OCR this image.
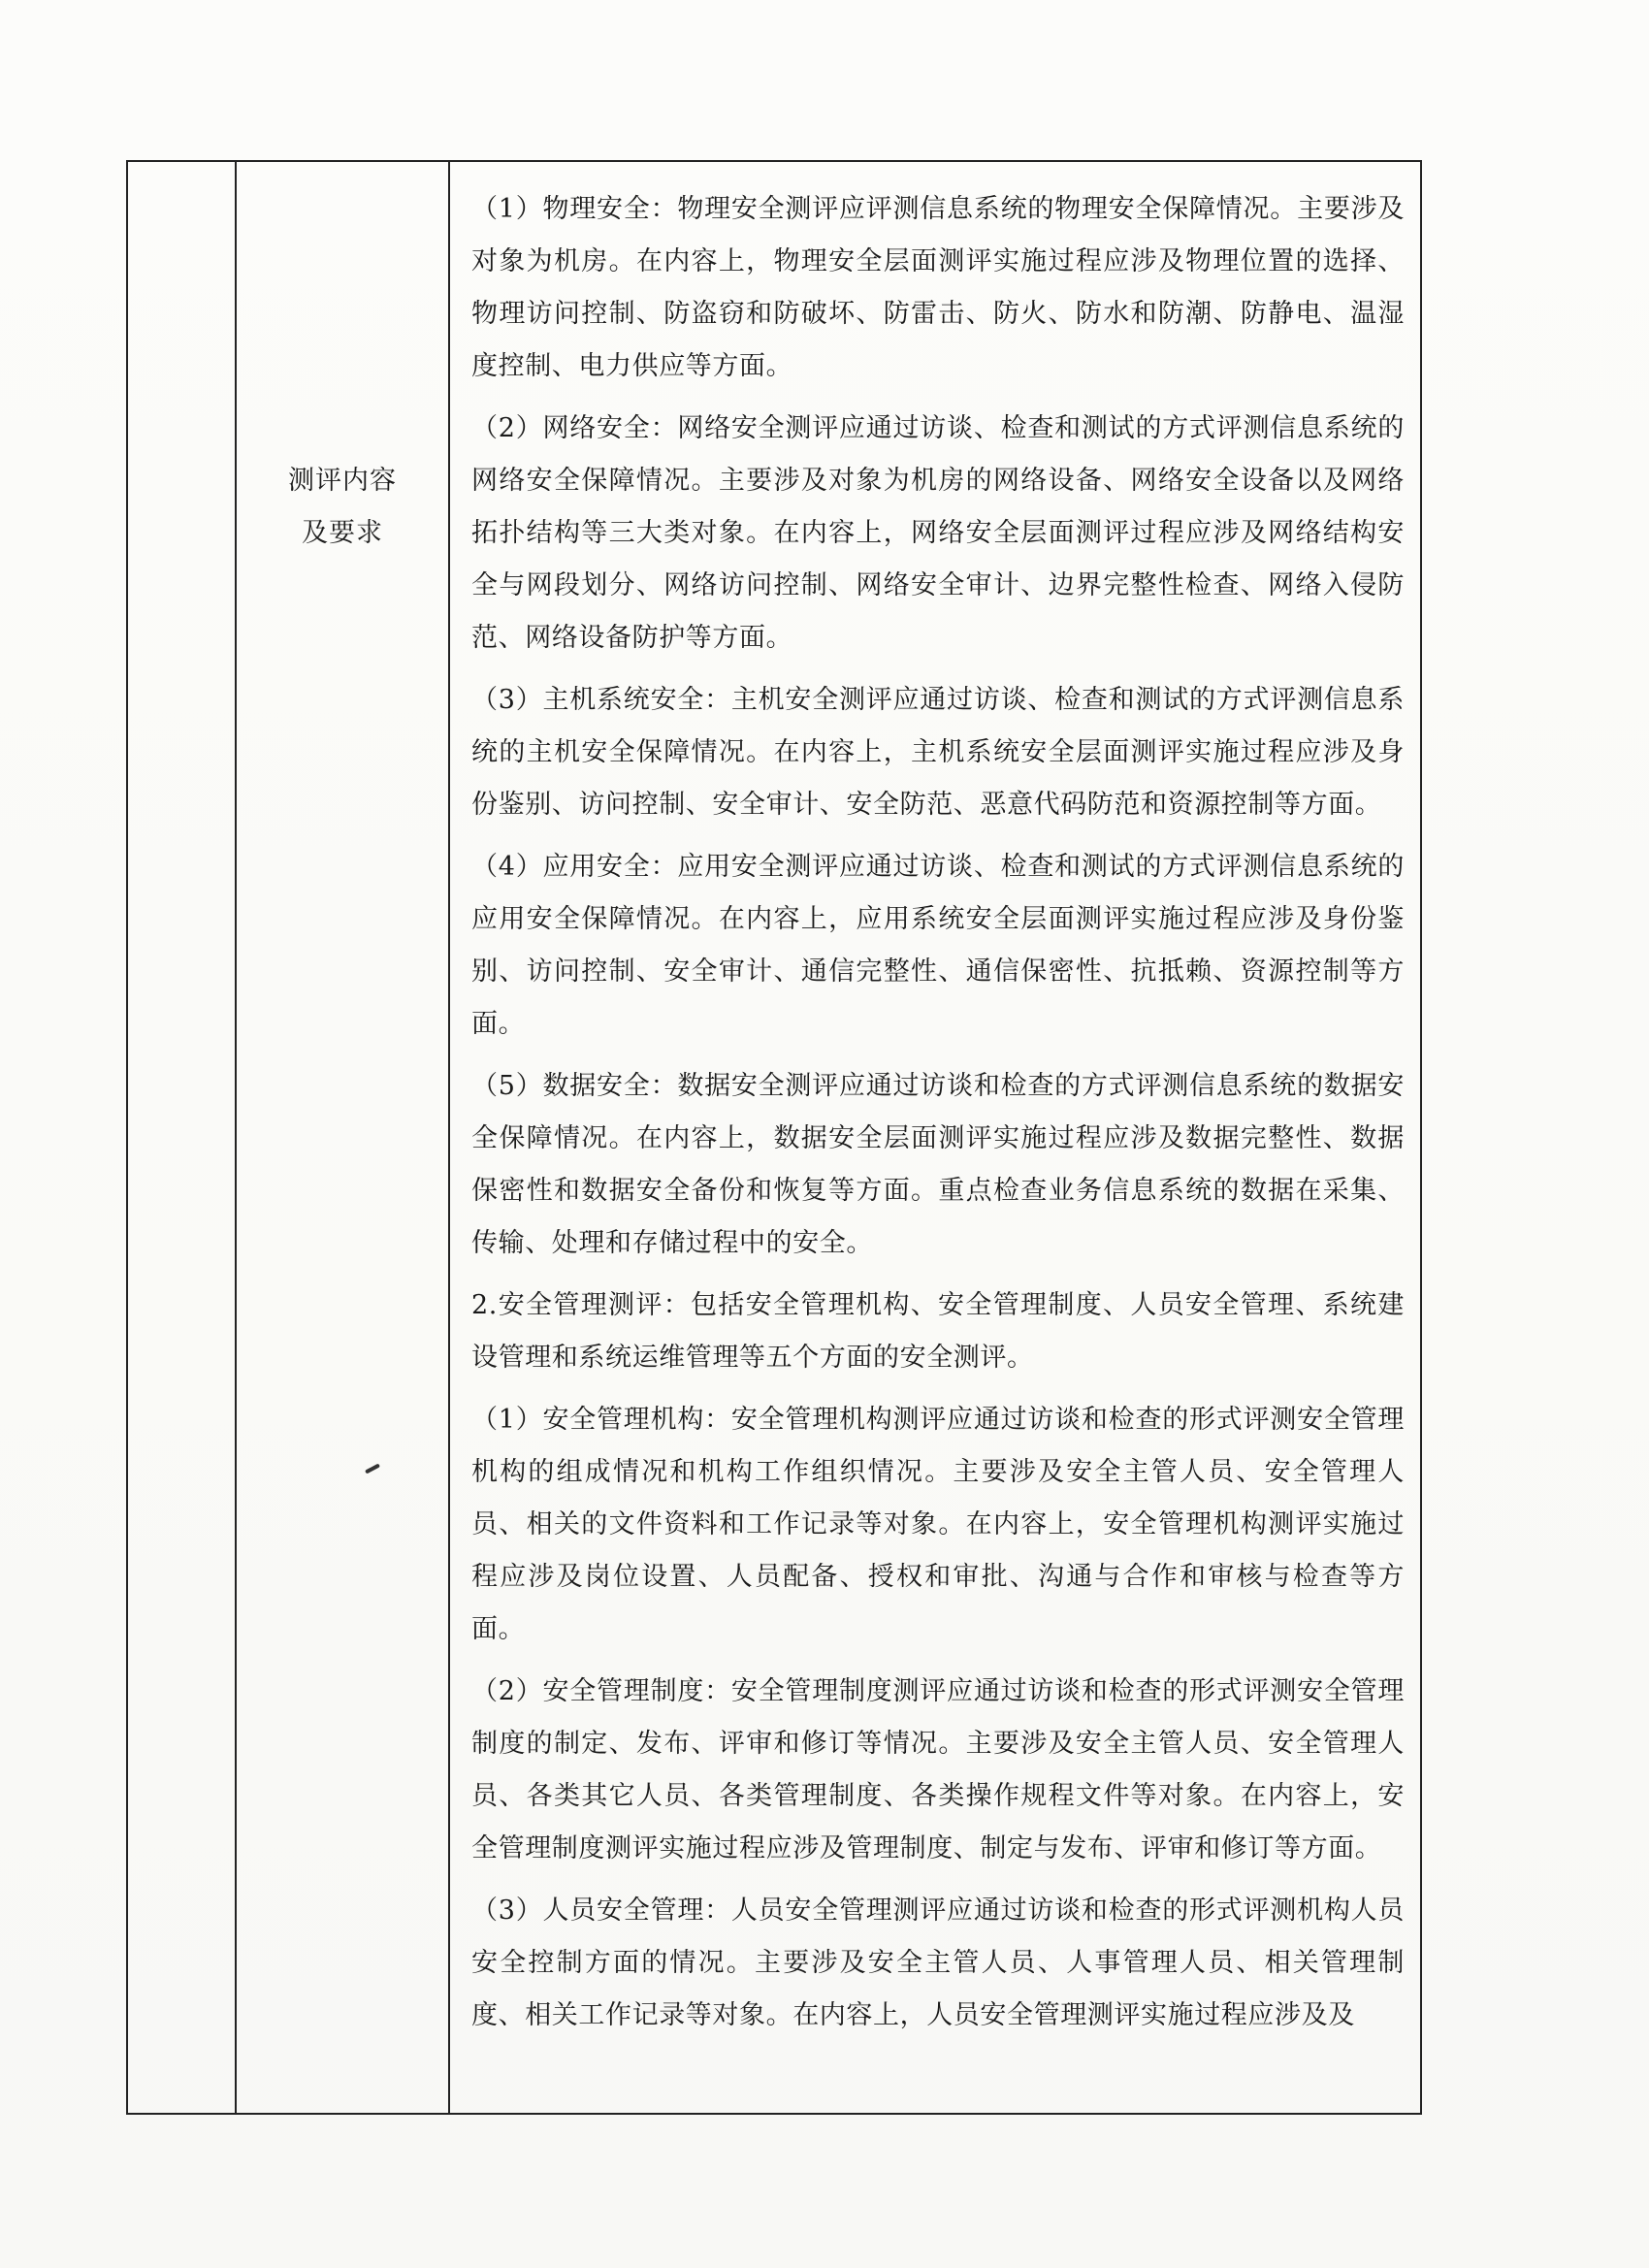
测评内容
及要求

（1）物理安全：物理安全测评应评测信息系统的物理安全保障情况。主要涉及对象为机房。在内容上，物理安全层面测评实施过程应涉及物理位置的选择、物理访问控制、防盗窃和防破坏、防雷击、防火、防水和防潮、防静电、温湿度控制、电力供应等方面。

（2）网络安全：网络安全测评应通过访谈、检查和测试的方式评测信息系统的网络安全保障情况。主要涉及对象为机房的网络设备、网络安全设备以及网络拓扑结构等三大类对象。在内容上，网络安全层面测评过程应涉及网络结构安全与网段划分、网络访问控制、网络安全审计、边界完整性检查、网络入侵防范、网络设备防护等方面。

（3）主机系统安全：主机安全测评应通过访谈、检查和测试的方式评测信息系统的主机安全保障情况。在内容上，主机系统安全层面测评实施过程应涉及身份鉴别、访问控制、安全审计、安全防范、恶意代码防范和资源控制等方面。

（4）应用安全：应用安全测评应通过访谈、检查和测试的方式评测信息系统的应用安全保障情况。在内容上，应用系统安全层面测评实施过程应涉及身份鉴别、访问控制、安全审计、通信完整性、通信保密性、抗抵赖、资源控制等方面。

（5）数据安全：数据安全测评应通过访谈和检查的方式评测信息系统的数据安全保障情况。在内容上，数据安全层面测评实施过程应涉及数据完整性、数据保密性和数据安全备份和恢复等方面。重点检查业务信息系统的数据在采集、传输、处理和存储过程中的安全。

2.安全管理测评：包括安全管理机构、安全管理制度、人员安全管理、系统建设管理和系统运维管理等五个方面的安全测评。

（1）安全管理机构：安全管理机构测评应通过访谈和检查的形式评测安全管理机构的组成情况和机构工作组织情况。主要涉及安全主管人员、安全管理人员、相关的文件资料和工作记录等对象。在内容上，安全管理机构测评实施过程应涉及岗位设置、人员配备、授权和审批、沟通与合作和审核与检查等方面。

（2）安全管理制度：安全管理制度测评应通过访谈和检查的形式评测安全管理制度的制定、发布、评审和修订等情况。主要涉及安全主管人员、安全管理人员、各类其它人员、各类管理制度、各类操作规程文件等对象。在内容上，安全管理制度测评实施过程应涉及管理制度、制定与发布、评审和修订等方面。

（3）人员安全管理：人员安全管理测评应通过访谈和检查的形式评测机构人员安全控制方面的情况。主要涉及安全主管人员、人事管理人员、相关管理制度、相关工作记录等对象。在内容上，人员安全管理测评实施过程应涉及及
